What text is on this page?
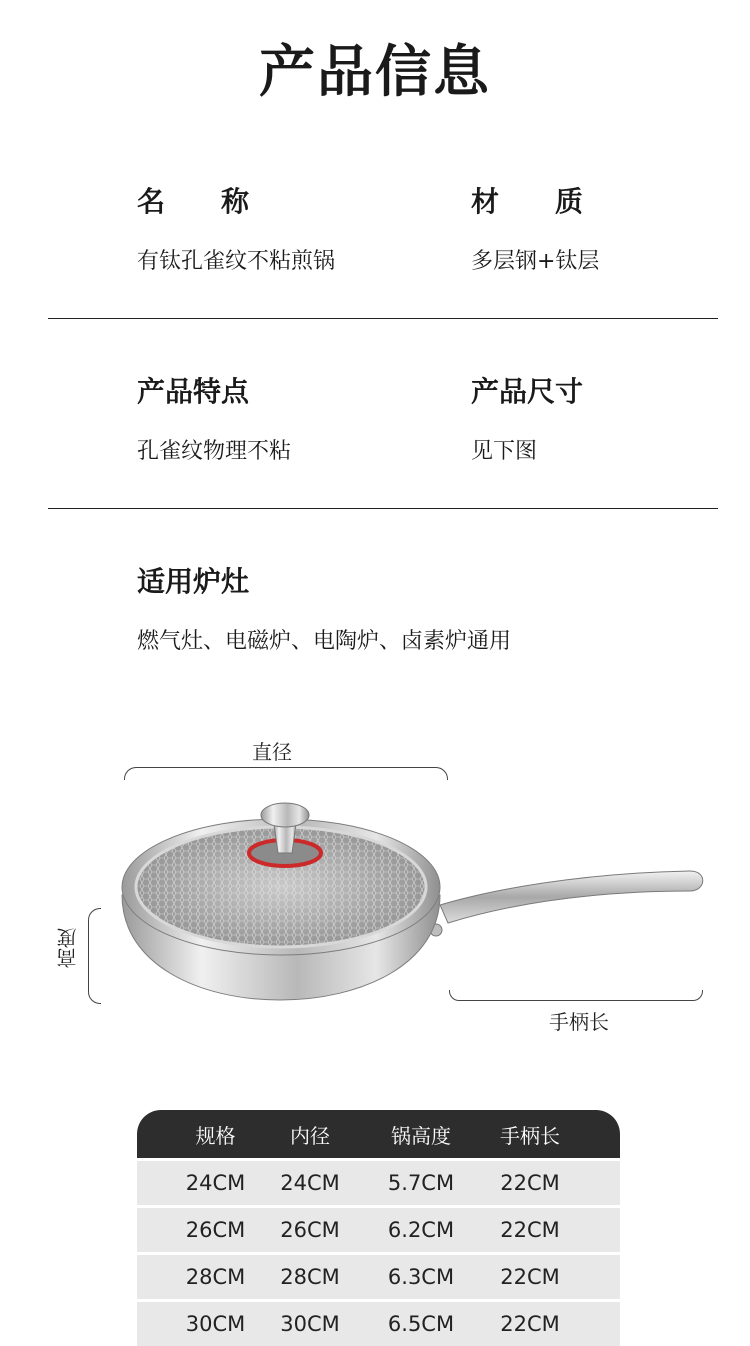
产品信息
名　　称
有钛孔雀纹不粘煎锅
材　　质
多层钢+钛层
产品特点
孔雀纹物理不粘
产品尺寸
见下图
适用炉灶
燃气灶、电磁炉、电陶炉、卤素炉通用
直径
高度
手柄长
规格	内径	锅高度	手柄长
24CM	24CM	5.7CM	22CM
26CM	26CM	6.2CM	22CM
28CM	28CM	6.3CM	22CM
30CM	30CM	6.5CM	22CM
